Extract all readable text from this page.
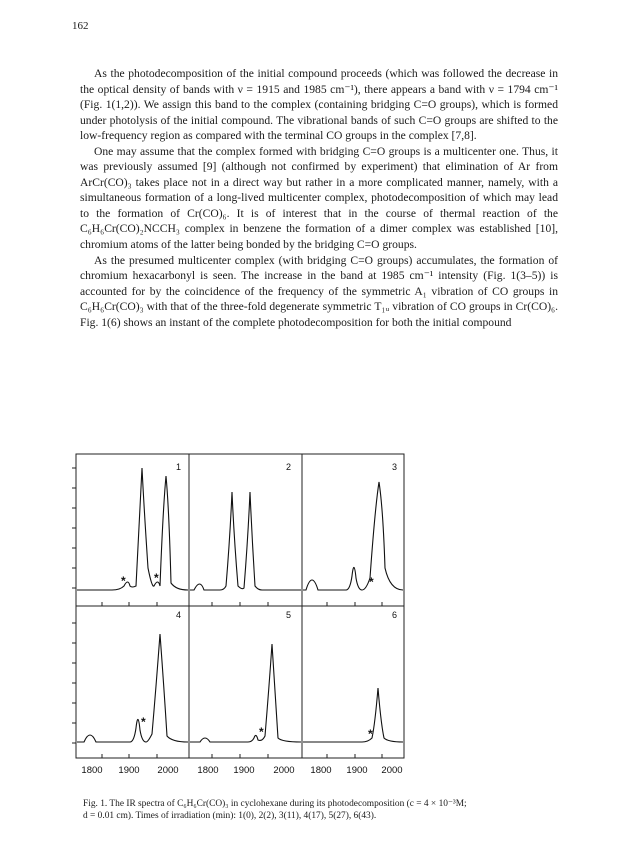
162

As the photodecomposition of the initial compound proceeds (which was followed the decrease in the optical density of bands with ν = 1915 and 1985 cm⁻¹), there appears a band with ν = 1794 cm⁻¹ (Fig. 1(1,2)). We assign this band to the complex (containing bridging C=O groups), which is formed under photolysis of the initial compound. The vibrational bands of such C=O groups are shifted to the low-frequency region as compared with the terminal CO groups in the complex [7,8].

One may assume that the complex formed with bridging C=O groups is a multicenter one. Thus, it was previously assumed [9] (although not confirmed by experiment) that elimination of Ar from ArCr(CO)₃ takes place not in a direct way but rather in a more complicated manner, namely, with a simultaneous formation of a long-lived multicenter complex, photodecomposition of which may lead to the formation of Cr(CO)₆. It is of interest that in the course of thermal reaction of the C₆H₆Cr(CO)₂NCCH₃ complex in benzene the formation of a dimer complex was established [10], chromium atoms of the latter being bonded by the bridging C=O groups.

As the presumed multicenter complex (with bridging C=O groups) accumulates, the formation of chromium hexacarbonyl is seen. The increase in the band at 1985 cm⁻¹ intensity (Fig. 1(3–5)) is accounted for by the coincidence of the frequency of the symmetric A₁ vibration of CO groups in C₆H₆Cr(CO)₃ with that of the three-fold degenerate symmetric T₁ᵤ vibration of CO groups in Cr(CO)₆. Fig. 1(6) shows an instant of the complete photodecomposition for both the initial compound

1	2	3
4	5	6
* *	*
*
*	*
1800 1900 2000 1800 1900 2000 1800 1900 2000

Fig. 1. The IR spectra of C₆H₆Cr(CO)₃ in cyclohexane during its photodecomposition (c = 4 × 10⁻³M;

d = 0.01 cm). Times of irradiation (min): 1(0), 2(2), 3(11), 4(17), 5(27), 6(43).
